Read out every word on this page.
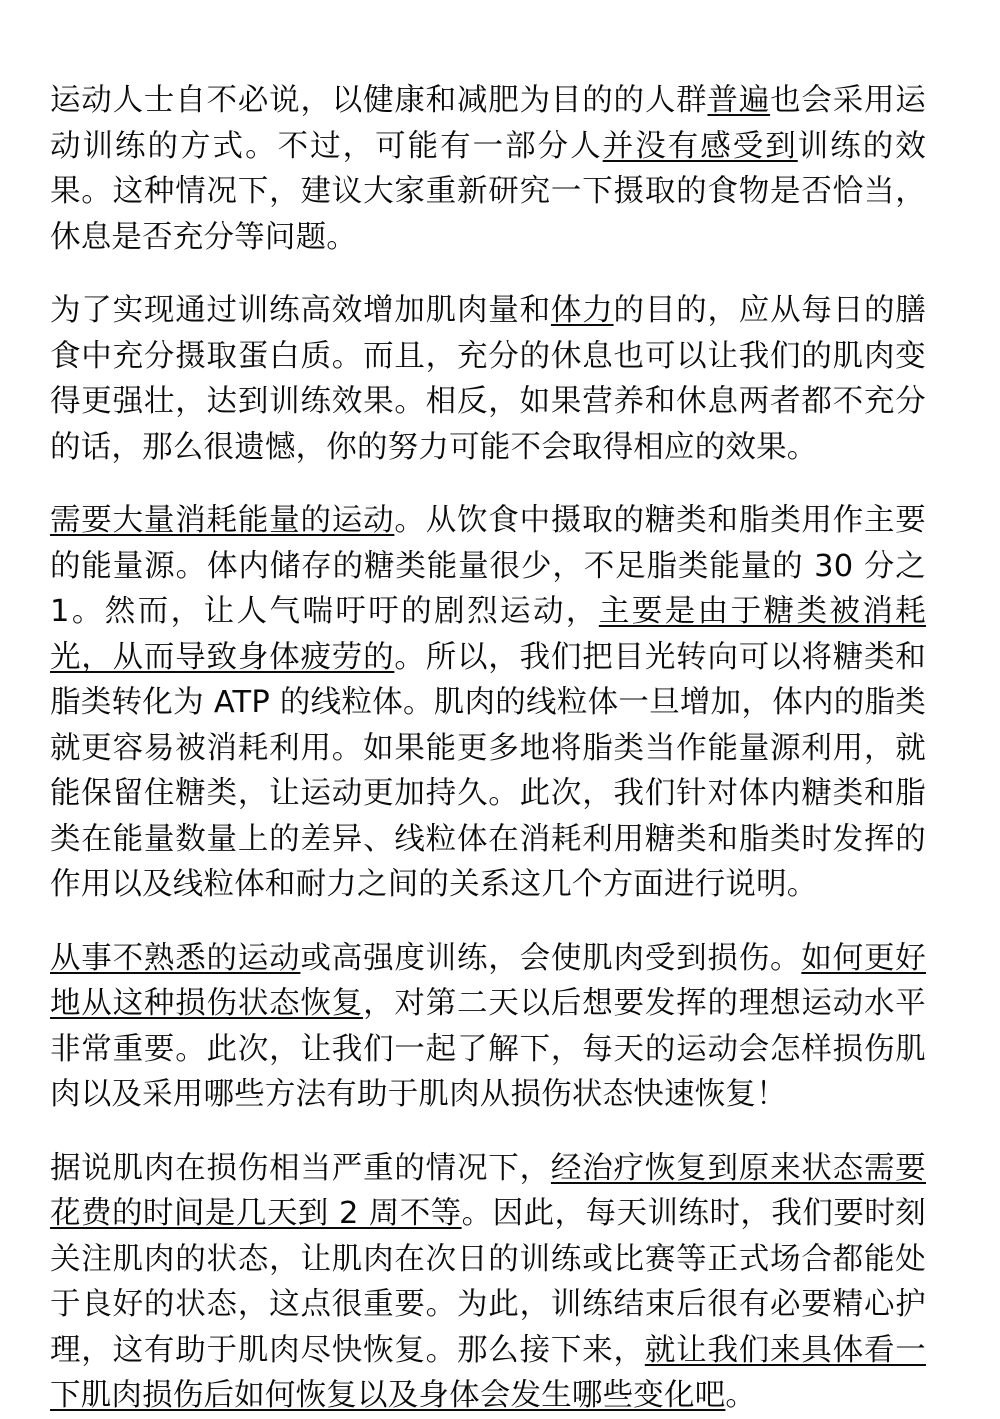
运动人士自不必说，以健康和减肥为目的的人群普遍也会采用运动训练的方式。不过，可能有一部分人并没有感受到训练的效果。这种情况下，建议大家重新研究一下摄取的食物是否恰当，休息是否充分等问题。

为了实现通过训练高效增加肌肉量和体力的目的，应从每日的膳食中充分摄取蛋白质。而且，充分的休息也可以让我们的肌肉变得更强壮，达到训练效果。相反，如果营养和休息两者都不充分的话，那么很遗憾，你的努力可能不会取得相应的效果。

需要大量消耗能量的运动。从饮食中摄取的糖类和脂类用作主要的能量源。体内储存的糖类能量很少，不足脂类能量的 30 分之 1。然而，让人气喘吁吁的剧烈运动，主要是由于糖类被消耗光，从而导致身体疲劳的。所以，我们把目光转向可以将糖类和脂类转化为 ATP 的线粒体。肌肉的线粒体一旦增加，体内的脂类就更容易被消耗利用。如果能更多地将脂类当作能量源利用，就能保留住糖类，让运动更加持久。此次，我们针对体内糖类和脂类在能量数量上的差异、线粒体在消耗利用糖类和脂类时发挥的作用以及线粒体和耐力之间的关系这几个方面进行说明。

从事不熟悉的运动或高强度训练，会使肌肉受到损伤。如何更好地从这种损伤状态恢复，对第二天以后想要发挥的理想运动水平非常重要。此次，让我们一起了解下，每天的运动会怎样损伤肌肉以及采用哪些方法有助于肌肉从损伤状态快速恢复！

据说肌肉在损伤相当严重的情况下，经治疗恢复到原来状态需要花费的时间是几天到 2 周不等。因此，每天训练时，我们要时刻关注肌肉的状态，让肌肉在次日的训练或比赛等正式场合都能处于良好的状态，这点很重要。为此，训练结束后很有必要精心护理，这有助于肌肉尽快恢复。那么接下来，就让我们来具体看一下肌肉损伤后如何恢复以及身体会发生哪些变化吧。
